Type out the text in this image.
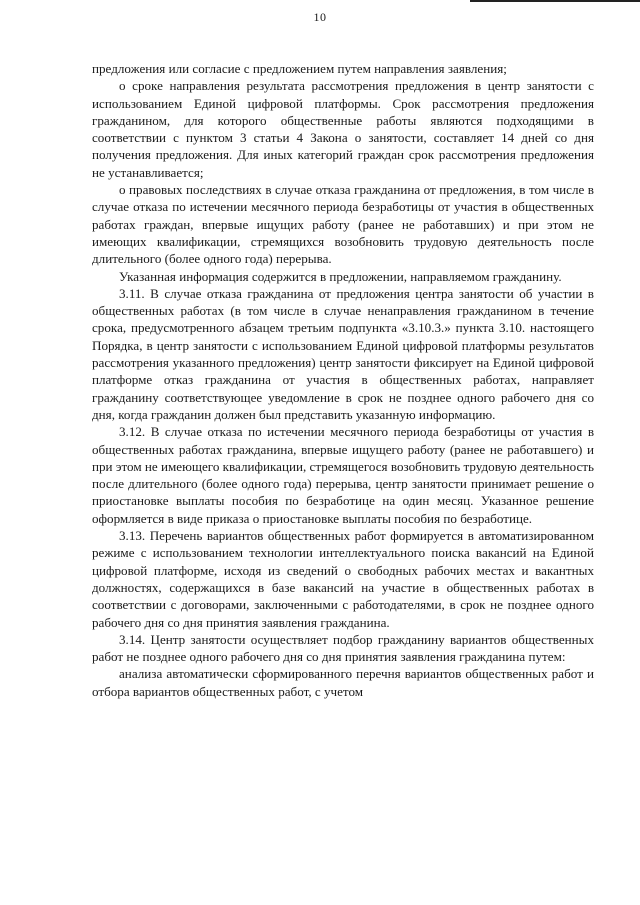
10

предложения или согласие с предложением путем направления заявления;

о сроке направления результата рассмотрения предложения в центр занятости с использованием Единой цифровой платформы. Срок рассмотрения предложения гражданином, для которого общественные работы являются подходящими в соответствии с пунктом 3 статьи 4 Закона о занятости, составляет 14 дней со дня получения предложения. Для иных категорий граждан срок рассмотрения предложения не устанавливается;

о правовых последствиях в случае отказа гражданина от предложения, в том числе в случае отказа по истечении месячного периода безработицы от участия в общественных работах граждан, впервые ищущих работу (ранее не работавших) и при этом не имеющих квалификации, стремящихся возобновить трудовую деятельность после длительного (более одного года) перерыва.

Указанная информация содержится в предложении, направляемом гражданину.

3.11. В случае отказа гражданина от предложения центра занятости об участии в общественных работах (в том числе в случае ненаправления гражданином в течение срока, предусмотренного абзацем третьим подпункта «3.10.3.» пункта 3.10. настоящего Порядка, в центр занятости с использованием Единой цифровой платформы результатов рассмотрения указанного предложения) центр занятости фиксирует на Единой цифровой платформе отказ гражданина от участия в общественных работах, направляет гражданину соответствующее уведомление в срок не позднее одного рабочего дня со дня, когда гражданин должен был представить указанную информацию.

3.12. В случае отказа по истечении месячного периода безработицы от участия в общественных работах гражданина, впервые ищущего работу (ранее не работавшего) и при этом не имеющего квалификации, стремящегося возобновить трудовую деятельность после длительного (более одного года) перерыва, центр занятости принимает решение о приостановке выплаты пособия по безработице на один месяц. Указанное решение оформляется в виде приказа о приостановке выплаты пособия по безработице.

3.13. Перечень вариантов общественных работ формируется в автоматизированном режиме с использованием технологии интеллектуального поиска вакансий на Единой цифровой платформе, исходя из сведений о свободных рабочих местах и вакантных должностях, содержащихся в базе вакансий на участие в общественных работах в соответствии с договорами, заключенными с работодателями, в срок не позднее одного рабочего дня со дня принятия заявления гражданина.

3.14. Центр занятости осуществляет подбор гражданину вариантов общественных работ не позднее одного рабочего дня со дня принятия заявления гражданина путем:

анализа автоматически сформированного перечня вариантов общественных работ и отбора вариантов общественных работ, с учетом
